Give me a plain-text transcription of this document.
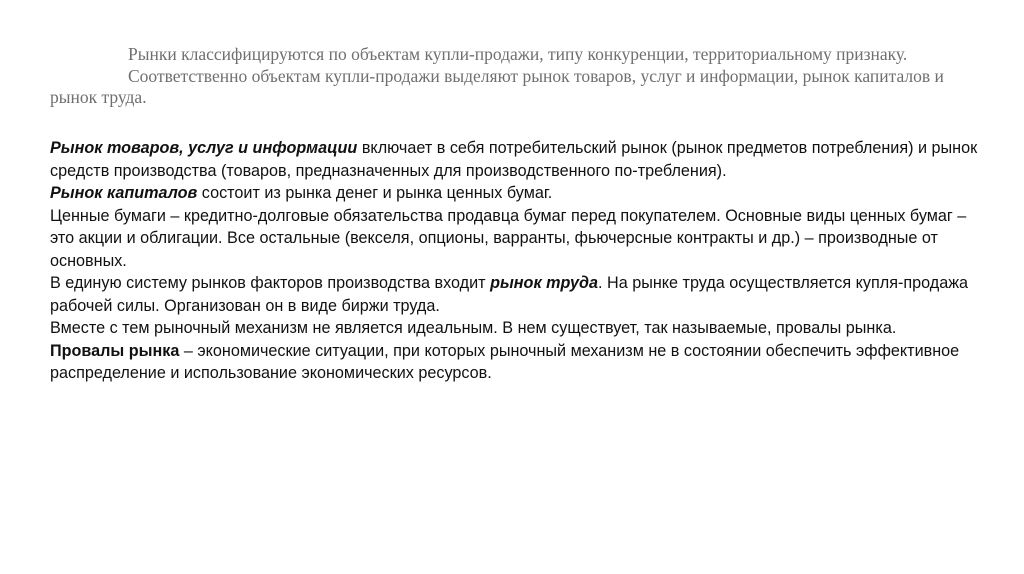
Рынки классифицируются по объектам купли-продажи, типу конкуренции, территориальному признаку.

Соответственно объектам купли-продажи выделяют рынок товаров, услуг и информации, рынок капиталов и рынок труда.

Рынок товаров, услуг и информации включает в себя потребительский рынок (рынок предметов потребления) и рынок средств производства (товаров, предназначенных для производственного по-требления).

Рынок капиталов состоит из рынка денег и рынка ценных бумаг.

Ценные бумаги – кредитно-долговые обязательства продавца бумаг перед покупателем. Основные виды ценных бумаг – это акции и облигации. Все остальные (векселя, опционы, варранты, фьючерсные контракты и др.) – производные от основных.

В единую систему рынков факторов производства входит рынок труда. На рынке труда осуществляется купля-продажа рабочей силы. Организован он в виде биржи труда.

Вместе с тем рыночный механизм не является идеальным. В нем существует, так называемые, провалы рынка.

Провалы рынка – экономические ситуации, при которых рыночный механизм не в состоянии обеспечить эффективное распределение и использование экономических ресурсов.
